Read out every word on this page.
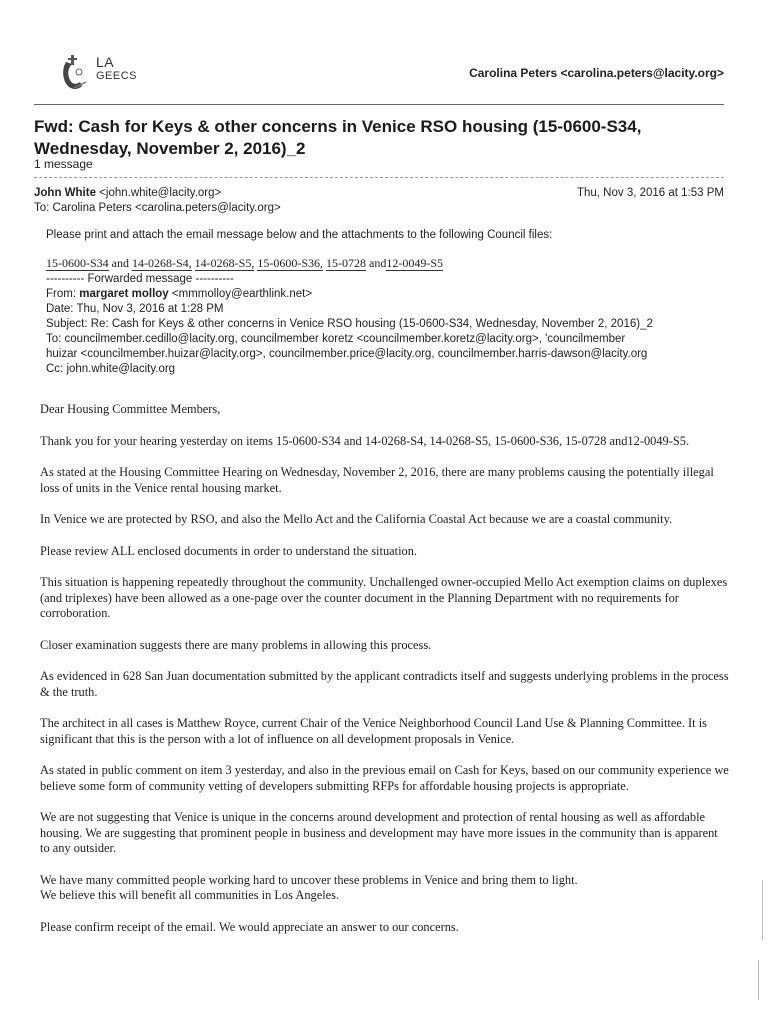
LA
GEECS	Carolina Peters <carolina.peters@lacity.org>
Fwd: Cash for Keys & other concerns in Venice RSO housing (15-0600-S34, Wednesday, November 2, 2016)_2
1 message
John White <john.white@lacity.org>
To: Carolina Peters <carolina.peters@lacity.org>
Thu, Nov 3, 2016 at 1:53 PM
Please print and attach the email message below and the attachments to the following Council files:
15-0600-S34 and 14-0268-S4, 14-0268-S5, 15-0600-S36, 15-0728 and12-0049-S5
---------- Forwarded message ----------
From: margaret molloy <mmmolloy@earthlink.net>
Date: Thu, Nov 3, 2016 at 1:28 PM
Subject: Re: Cash for Keys & other concerns in Venice RSO housing (15-0600-S34, Wednesday, November 2, 2016)_2
To: councilmember.cedillo@lacity.org, councilmember koretz <councilmember.koretz@lacity.org>, 'councilmember
huizar <councilmember.huizar@lacity.org>, councilmember.price@lacity.org, councilmember.harris-dawson@lacity.org
Cc: john.white@lacity.org

Dear Housing Committee Members,

Thank you for your hearing yesterday on items 15-0600-S34 and 14-0268-S4, 14-0268-S5, 15-0600-S36, 15-0728 and12-0049-S5.

As stated at the Housing Committee Hearing on Wednesday, November 2, 2016, there are many problems causing the potentially illegal loss of units in the Venice rental housing market.

In Venice we are protected by RSO, and also the Mello Act and the California Coastal Act because we are a coastal community.

Please review ALL enclosed documents in order to understand the situation.

This situation is happening repeatedly throughout the community. Unchallenged owner-occupied Mello Act exemption claims on duplexes (and triplexes) have been allowed as a one-page over the counter document in the Planning Department with no requirements for corroboration.

Closer examination suggests there are many problems in allowing this process.

As evidenced in 628 San Juan documentation submitted by the applicant contradicts itself and suggests underlying problems in the process & the truth.

The architect in all cases is Matthew Royce, current Chair of the Venice Neighborhood Council Land Use & Planning Committee. It is significant that this is the person with a lot of influence on all development proposals in Venice.

As stated in public comment on item 3 yesterday, and also in the previous email on Cash for Keys, based on our community experience we believe some form of community vetting of developers submitting RFPs for affordable housing projects is appropriate.

We are not suggesting that Venice is unique in the concerns around development and protection of rental housing as well as affordable housing. We are suggesting that prominent people in business and development may have more issues in the community than is apparent to any outsider.

We have many committed people working hard to uncover these problems in Venice and bring them to light.

We believe this will benefit all communities in Los Angeles.

Please confirm receipt of the email. We would appreciate an answer to our concerns.
